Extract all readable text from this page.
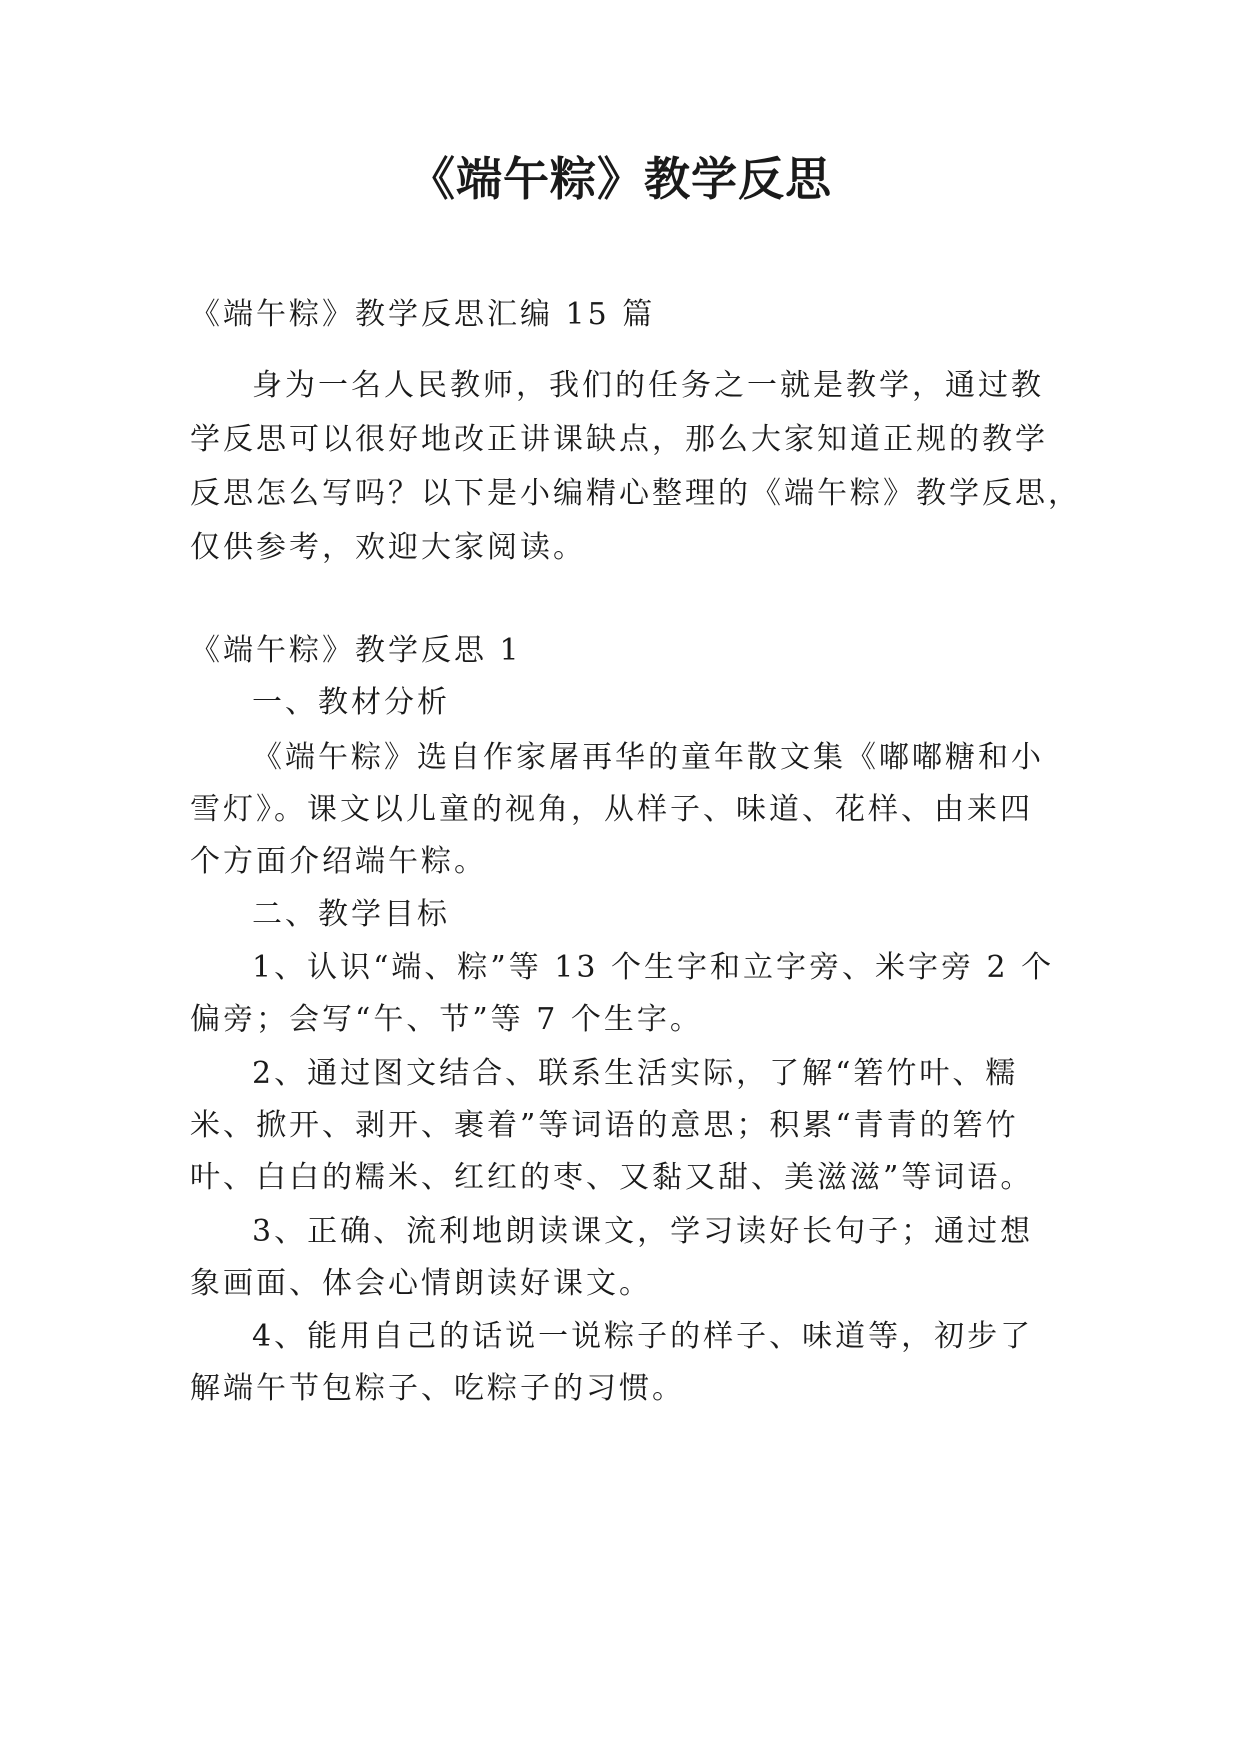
《端午粽》教学反思
《端午粽》教学反思汇编 15 篇
身为一名人民教师，我们的任务之一就是教学，通过教
学反思可以很好地改正讲课缺点，那么大家知道正规的教学
反思怎么写吗？以下是小编精心整理的《端午粽》教学反思，
仅供参考，欢迎大家阅读。
《端午粽》教学反思 1
一、教材分析
《端午粽》选自作家屠再华的童年散文集《嘟嘟糖和小
雪灯》。课文以儿童的视角，从样子、味道、花样、由来四
个方面介绍端午粽。
二、教学目标
1、认识“端、粽”等 13 个生字和立字旁、米字旁 2 个
偏旁；会写“午、节”等 7 个生字。
2、通过图文结合、联系生活实际，了解“箬竹叶、糯
米、掀开、剥开、裹着”等词语的意思；积累“青青的箬竹
叶、白白的糯米、红红的枣、又黏又甜、美滋滋”等词语。
3、正确、流利地朗读课文，学习读好长句子；通过想
象画面、体会心情朗读好课文。
4、能用自己的话说一说粽子的样子、味道等，初步了
解端午节包粽子、吃粽子的习惯。
